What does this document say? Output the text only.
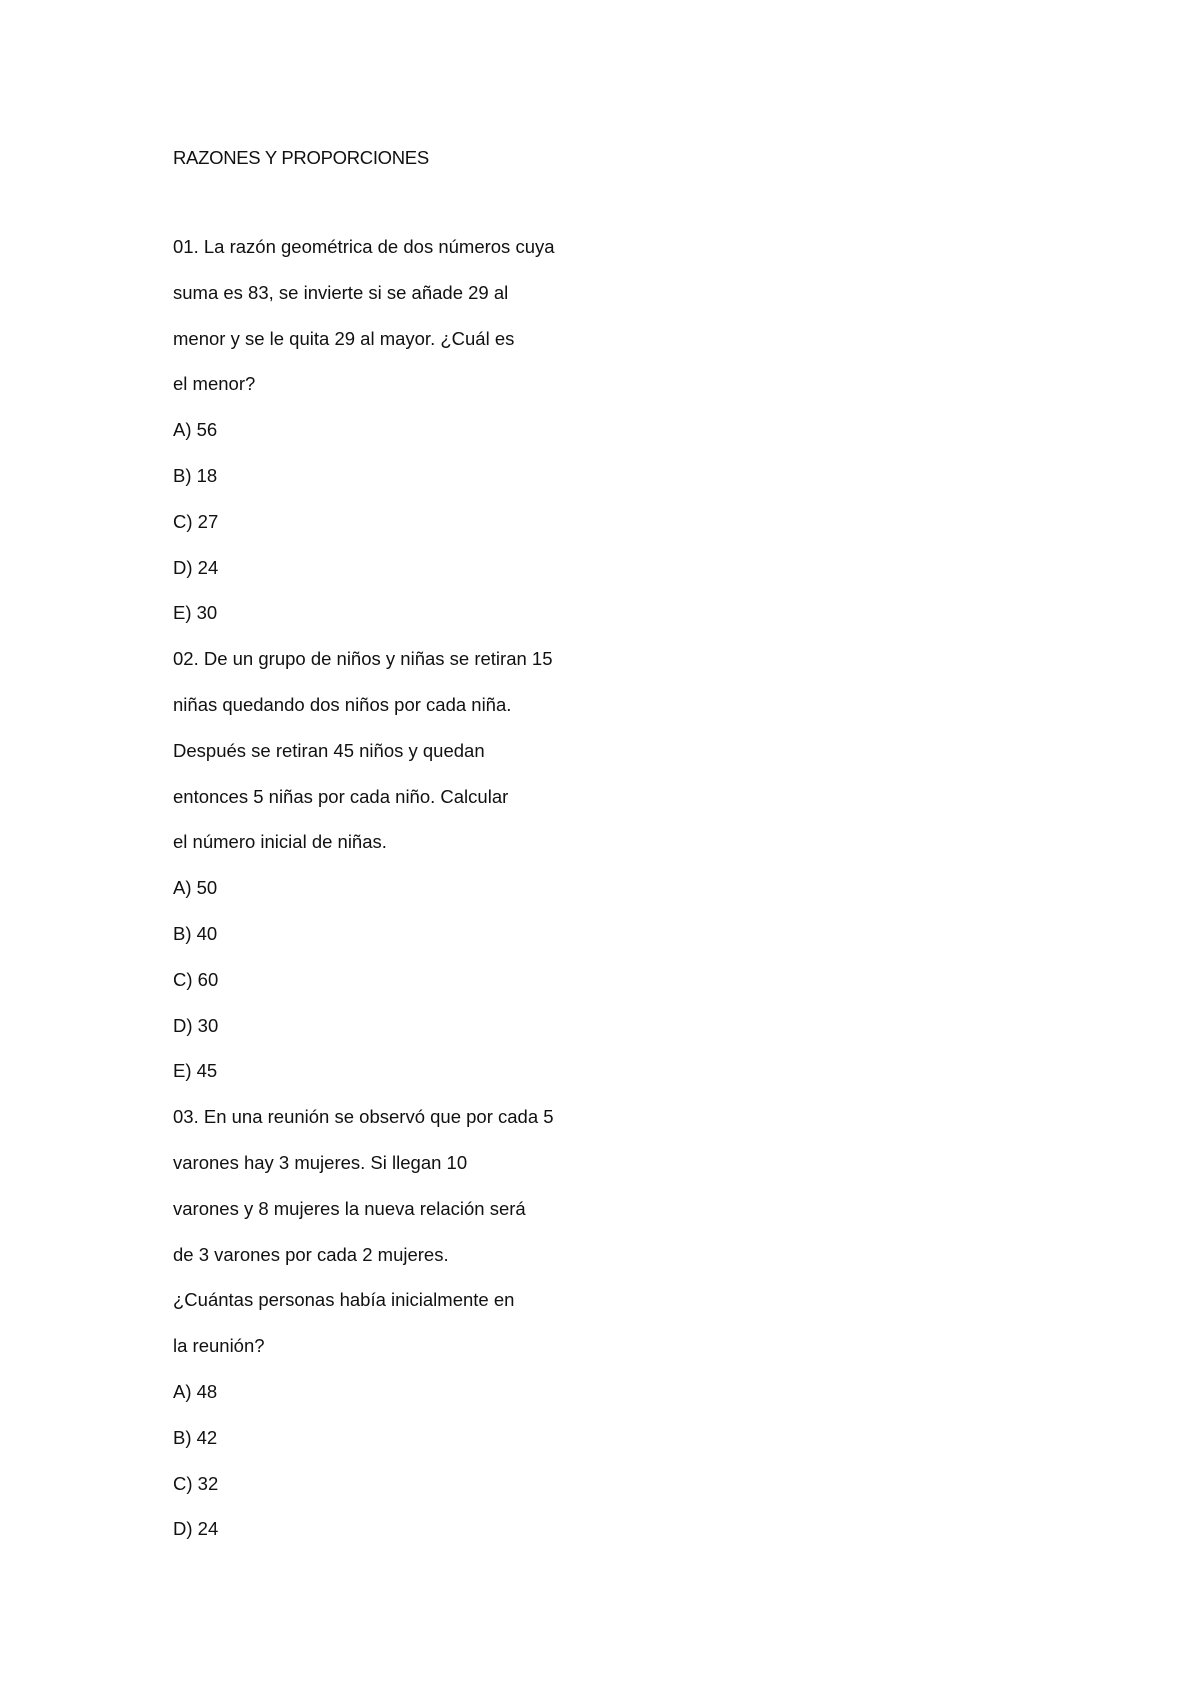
RAZONES Y PROPORCIONES
01. La razón geométrica de dos números cuya
suma es 83, se invierte si se añade 29 al
menor y se le quita 29 al mayor. ¿Cuál es
el menor?
A) 56
B) 18
C) 27
D) 24
E) 30
02. De un grupo de niños y niñas se retiran 15
niñas quedando dos niños por cada niña.
Después se retiran 45 niños y quedan
entonces 5 niñas por cada niño. Calcular
el número inicial de niñas.
A) 50
B) 40
C) 60
D) 30
E) 45
03. En una reunión se observó que por cada 5
varones hay 3 mujeres. Si llegan 10
varones y 8 mujeres la nueva relación será
de 3 varones por cada 2 mujeres.
¿Cuántas personas había inicialmente en
la reunión?
A) 48
B) 42
C) 32
D) 24
